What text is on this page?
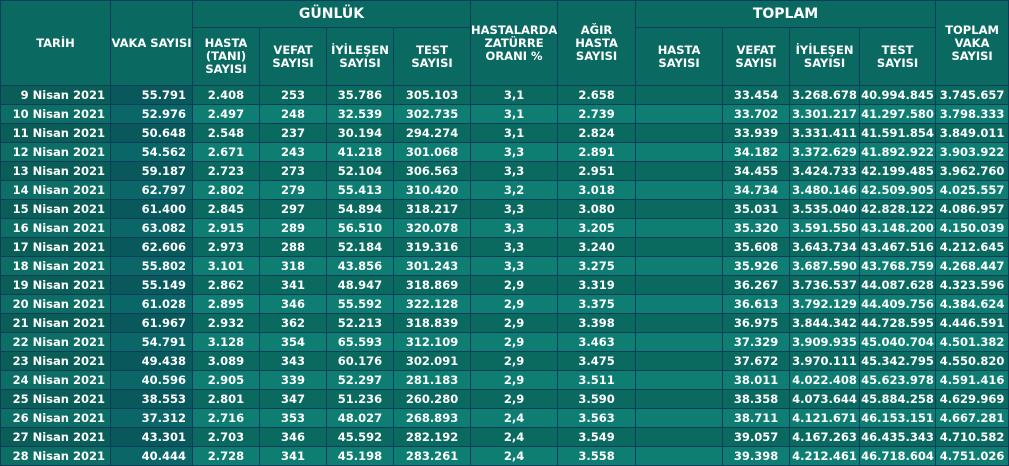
TARİH	VAKA SAYISI	GÜNLÜK				HASTALARDA ZATÜRRE ORANI %	AĞIR HASTA SAYISI	TOPLAM				TOPLAM VAKA SAYISI
		HASTA (TANI) SAYISI	VEFAT SAYISI	İYİLEŞEN SAYISI	TEST SAYISI			HASTA SAYISI	VEFAT SAYISI	İYİLEŞEN SAYISI	TEST SAYISI	
9 Nisan 2021	55.791	2.408	253	35.786	305.103	3,1	2.658		33.454	3.268.678	40.994.845	3.745.657
10 Nisan 2021	52.976	2.497	248	32.539	302.735	3,1	2.739		33.702	3.301.217	41.297.580	3.798.333
11 Nisan 2021	50.648	2.548	237	30.194	294.274	3,1	2.824		33.939	3.331.411	41.591.854	3.849.011
12 Nisan 2021	54.562	2.671	243	41.218	301.068	3,3	2.891		34.182	3.372.629	41.892.922	3.903.922
13 Nisan 2021	59.187	2.723	273	52.104	306.563	3,3	2.951		34.455	3.424.733	42.199.485	3.962.760
14 Nisan 2021	62.797	2.802	279	55.413	310.420	3,2	3.018		34.734	3.480.146	42.509.905	4.025.557
15 Nisan 2021	61.400	2.845	297	54.894	318.217	3,3	3.080		35.031	3.535.040	42.828.122	4.086.957
16 Nisan 2021	63.082	2.915	289	56.510	320.078	3,3	3.205		35.320	3.591.550	43.148.200	4.150.039
17 Nisan 2021	62.606	2.973	288	52.184	319.316	3,3	3.240		35.608	3.643.734	43.467.516	4.212.645
18 Nisan 2021	55.802	3.101	318	43.856	301.243	3,3	3.275		35.926	3.687.590	43.768.759	4.268.447
19 Nisan 2021	55.149	2.862	341	48.947	318.869	2,9	3.319		36.267	3.736.537	44.087.628	4.323.596
20 Nisan 2021	61.028	2.895	346	55.592	322.128	2,9	3.375		36.613	3.792.129	44.409.756	4.384.624
21 Nisan 2021	61.967	2.932	362	52.213	318.839	2,9	3.398		36.975	3.844.342	44.728.595	4.446.591
22 Nisan 2021	54.791	3.128	354	65.593	312.109	2,9	3.463		37.329	3.909.935	45.040.704	4.501.382
23 Nisan 2021	49.438	3.089	343	60.176	302.091	2,9	3.475		37.672	3.970.111	45.342.795	4.550.820
24 Nisan 2021	40.596	2.905	339	52.297	281.183	2,9	3.511		38.011	4.022.408	45.623.978	4.591.416
25 Nisan 2021	38.553	2.801	347	51.236	260.280	2,9	3.590		38.358	4.073.644	45.884.258	4.629.969
26 Nisan 2021	37.312	2.716	353	48.027	268.893	2,4	3.563		38.711	4.121.671	46.153.151	4.667.281
27 Nisan 2021	43.301	2.703	346	45.592	282.192	2,4	3.549		39.057	4.167.263	46.435.343	4.710.582
28 Nisan 2021	40.444	2.728	341	45.198	283.261	2,4	3.558		39.398	4.212.461	46.718.604	4.751.026
